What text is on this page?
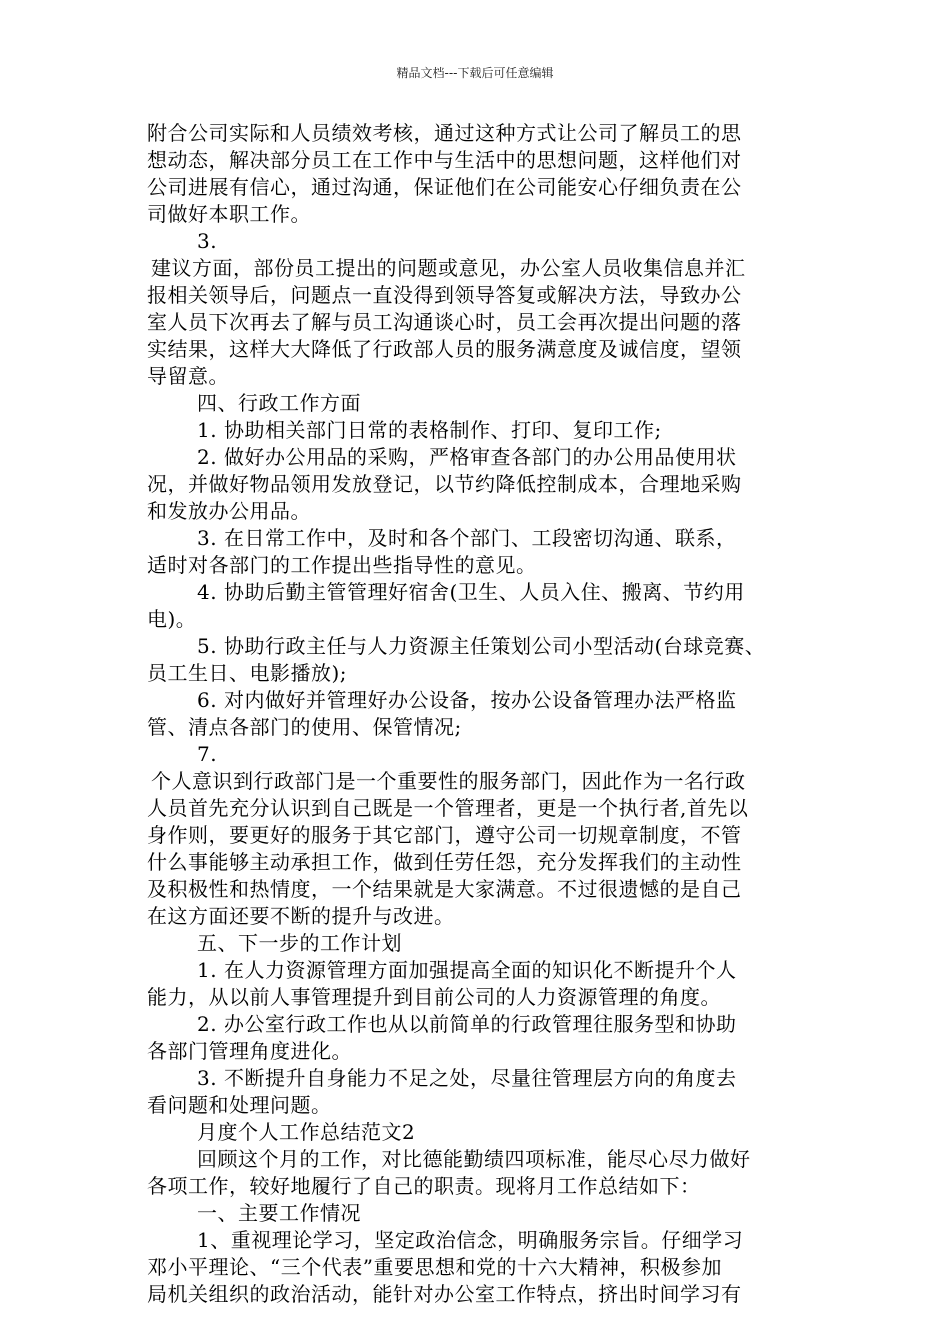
精品文档---下载后可任意编辑
附合公司实际和人员绩效考核，通过这种方式让公司了解员工的思
想动态，解决部分员工在工作中与生活中的思想问题，这样他们对
公司进展有信心，通过沟通，保证他们在公司能安心仔细负责在公
司做好本职工作。
3.
建议方面，部份员工提出的问题或意见，办公室人员收集信息并汇
报相关领导后，问题点一直没得到领导答复或解决方法，导致办公
室人员下次再去了解与员工沟通谈心时，员工会再次提出问题的落
实结果，这样大大降低了行政部人员的服务满意度及诚信度，望领
导留意。
四、行政工作方面
1. 协助相关部门日常的表格制作、打印、复印工作;
2. 做好办公用品的采购，严格审查各部门的办公用品使用状
况，并做好物品领用发放登记，以节约降低控制成本，合理地采购
和发放办公用品。
3. 在日常工作中，及时和各个部门、工段密切沟通、联系，
适时对各部门的工作提出些指导性的意见。
4. 协助后勤主管管理好宿舍(卫生、人员入住、搬离、节约用
电)。
5. 协助行政主任与人力资源主任策划公司小型活动(台球竞赛、
员工生日、电影播放);
6. 对内做好并管理好办公设备，按办公设备管理办法严格监
管、清点各部门的使用、保管情况;
7.
个人意识到行政部门是一个重要性的服务部门，因此作为一名行政
人员首先充分认识到自己既是一个管理者，更是一个执行者,首先以
身作则，要更好的服务于其它部门，遵守公司一切规章制度，不管
什么事能够主动承担工作，做到任劳任怨，充分发挥我们的主动性
及积极性和热情度，一个结果就是大家满意。不过很遗憾的是自己
在这方面还要不断的提升与改进。
五、下一步的工作计划
1. 在人力资源管理方面加强提高全面的知识化不断提升个人
能力，从以前人事管理提升到目前公司的人力资源管理的角度。
2. 办公室行政工作也从以前简单的行政管理往服务型和协助
各部门管理角度进化。
3. 不断提升自身能力不足之处，尽量往管理层方向的角度去
看问题和处理问题。
月度个人工作总结范文2
回顾这个月的工作，对比德能勤绩四项标准，能尽心尽力做好
各项工作，较好地履行了自己的职责。现将月工作总结如下：
一、主要工作情况
1、重视理论学习，坚定政治信念，明确服务宗旨。仔细学习
邓小平理论、“三个代表”重要思想和党的十六大精神，积极参加
局机关组织的政治活动，能针对办公室工作特点，挤出时间学习有
